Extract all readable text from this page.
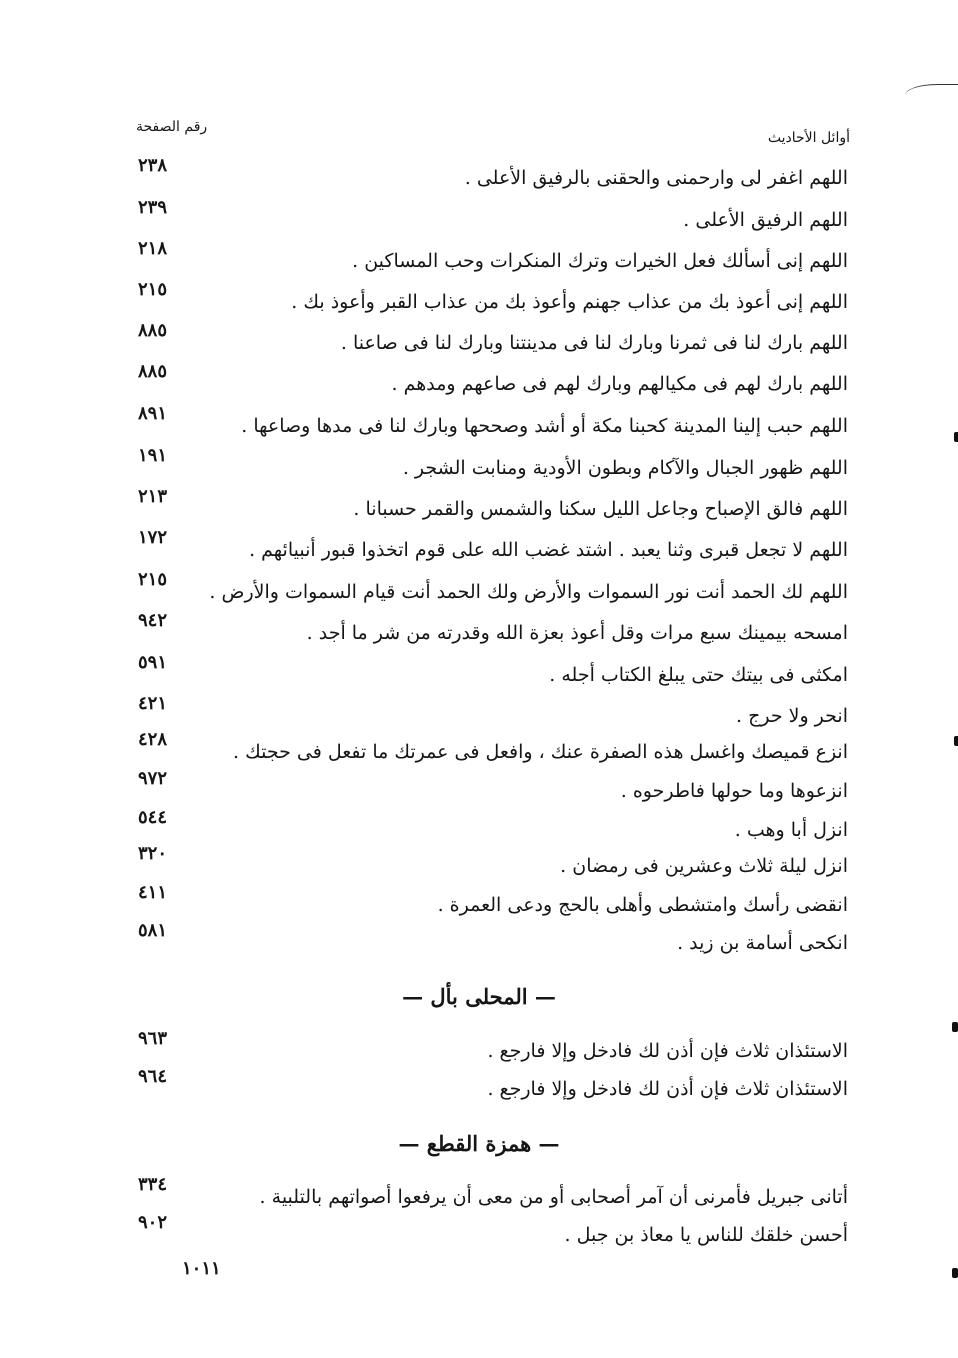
أوائل الأحاديث
رقم الصفحة
اللهم اغفر لى وارحمنى والحقنى بالرفيق الأعلى .
٢٣٨
اللهم الرفيق الأعلى .
٢٣٩
اللهم إنى أسألك فعل الخيرات وترك المنكرات وحب المساكين .
٢١٨
اللهم إنى أعوذ بك من عذاب جهنم وأعوذ بك من عذاب القبر وأعوذ بك .
٢١٥
اللهم بارك لنا فى ثمرنا وبارك لنا فى مدينتنا وبارك لنا فى صاعنا .
٨٨٥
اللهم بارك لهم فى مكيالهم وبارك لهم فى صاعهم ومدهم .
٨٨٥
اللهم حبب إلينا المدينة كحبنا مكة أو أشد وصححها وبارك لنا فى مدها وصاعها .
٨٩١
اللهم ظهور الجبال والآكام وبطون الأودية ومنابت الشجر .
١٩١
اللهم فالق الإصباح وجاعل الليل سكنا والشمس والقمر حسبانا .
٢١٣
اللهم لا تجعل قبرى وثنا يعبد . اشتد غضب الله على قوم اتخذوا قبور أنبيائهم .
١٧٢
اللهم لك الحمد أنت نور السموات والأرض ولك الحمد أنت قيام السموات والأرض .
٢١٥
امسحه بيمينك سبع مرات وقل أعوذ بعزة الله وقدرته من شر ما أجد .
٩٤٢
امكثى فى بيتك حتى يبلغ الكتاب أجله .
٥٩١
انحر ولا حرج .
٤٢١
انزع قميصك واغسل هذه الصفرة عنك ، وافعل فى عمرتك ما تفعل فى حجتك .
٤٢٨
انزعوها وما حولها فاطرحوه .
٩٧٢
انزل أبا وهب .
٥٤٤
انزل ليلة ثلاث وعشرين فى رمضان .
٣٢٠
انقضى رأسك وامتشطى وأهلى بالحج ودعى العمرة .
٤١١
انكحى أسامة بن زيد .
٥٨١
— المحلى بأل —
الاستئذان ثلاث فإن أذن لك فادخل وإلا فارجع .
٩٦٣
الاستئذان ثلاث فإن أذن لك فادخل وإلا فارجع .
٩٦٤
— همزة القطع —
أتانى جبريل فأمرنى أن آمر أصحابى أو من معى أن يرفعوا أصواتهم بالتلبية .
٣٣٤
أحسن خلقك للناس يا معاذ بن جبل .
٩٠٢
١٠١١
